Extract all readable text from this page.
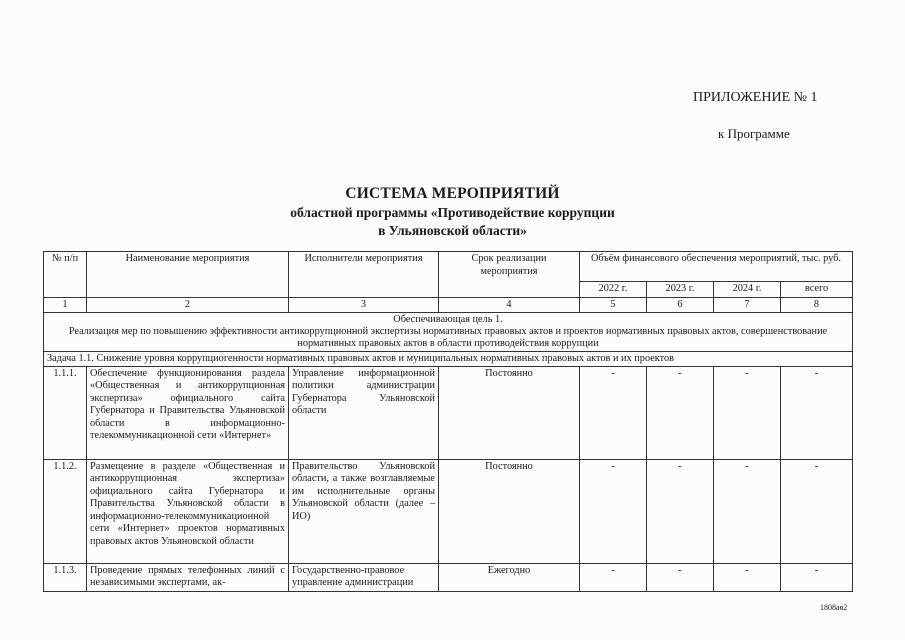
ПРИЛОЖЕНИЕ № 1
к Программе
СИСТЕМА МЕРОПРИЯТИЙ
областной программы «Противодействие коррупции
в Ульяновской области»
№ п/п	Наименование мероприятия	Исполнители мероприятия	Срок реализации мероприятия	Объём финансового обеспечения мероприятий, тыс. руб.			
				2022 г.	2023 г.	2024 г.	всего
1	2	3	4	5	6	7	8

Обеспечивающая цель 1.
Реализация мер по повышению эффективности антикоррупционной экспертизы нормативных правовых актов и проектов нормативных правовых актов, совершенствование нормативных правовых актов в области противодействия коррупции							

Задача 1.1. Снижение уровня коррупциогенности нормативных правовых актов и муниципальных нормативных правовых актов и их проектов							
1.1.1.	Обеспечение функционирования раздела «Общественная и антикоррупционная экспертиза» официального сайта Губернатора и Правительства Ульяновской области в информационно-телекоммуникационной сети «Интернет»	Управление информационной политики администрации Губернатора Ульяновской области	Постоянно	-	-	-	-
1.1.2.	Размещение в разделе «Общественная и антикоррупционная экспертиза» официального сайта Губернатора и Правительства Ульяновской области в информационно-телекоммуникационной сети «Интернет» проектов нормативных правовых актов Ульяновской области	Правительство Ульяновской области, а также возглавляемые им исполнительные органы Ульяновской области (далее – ИО)	Постоянно	-	-	-	-
1.1.3.	Проведение прямых телефонных линий с независимыми экспертами, ак-	Государственно-правовое управление администрации	Ежегодно	-	-	-	-
1808ая2
